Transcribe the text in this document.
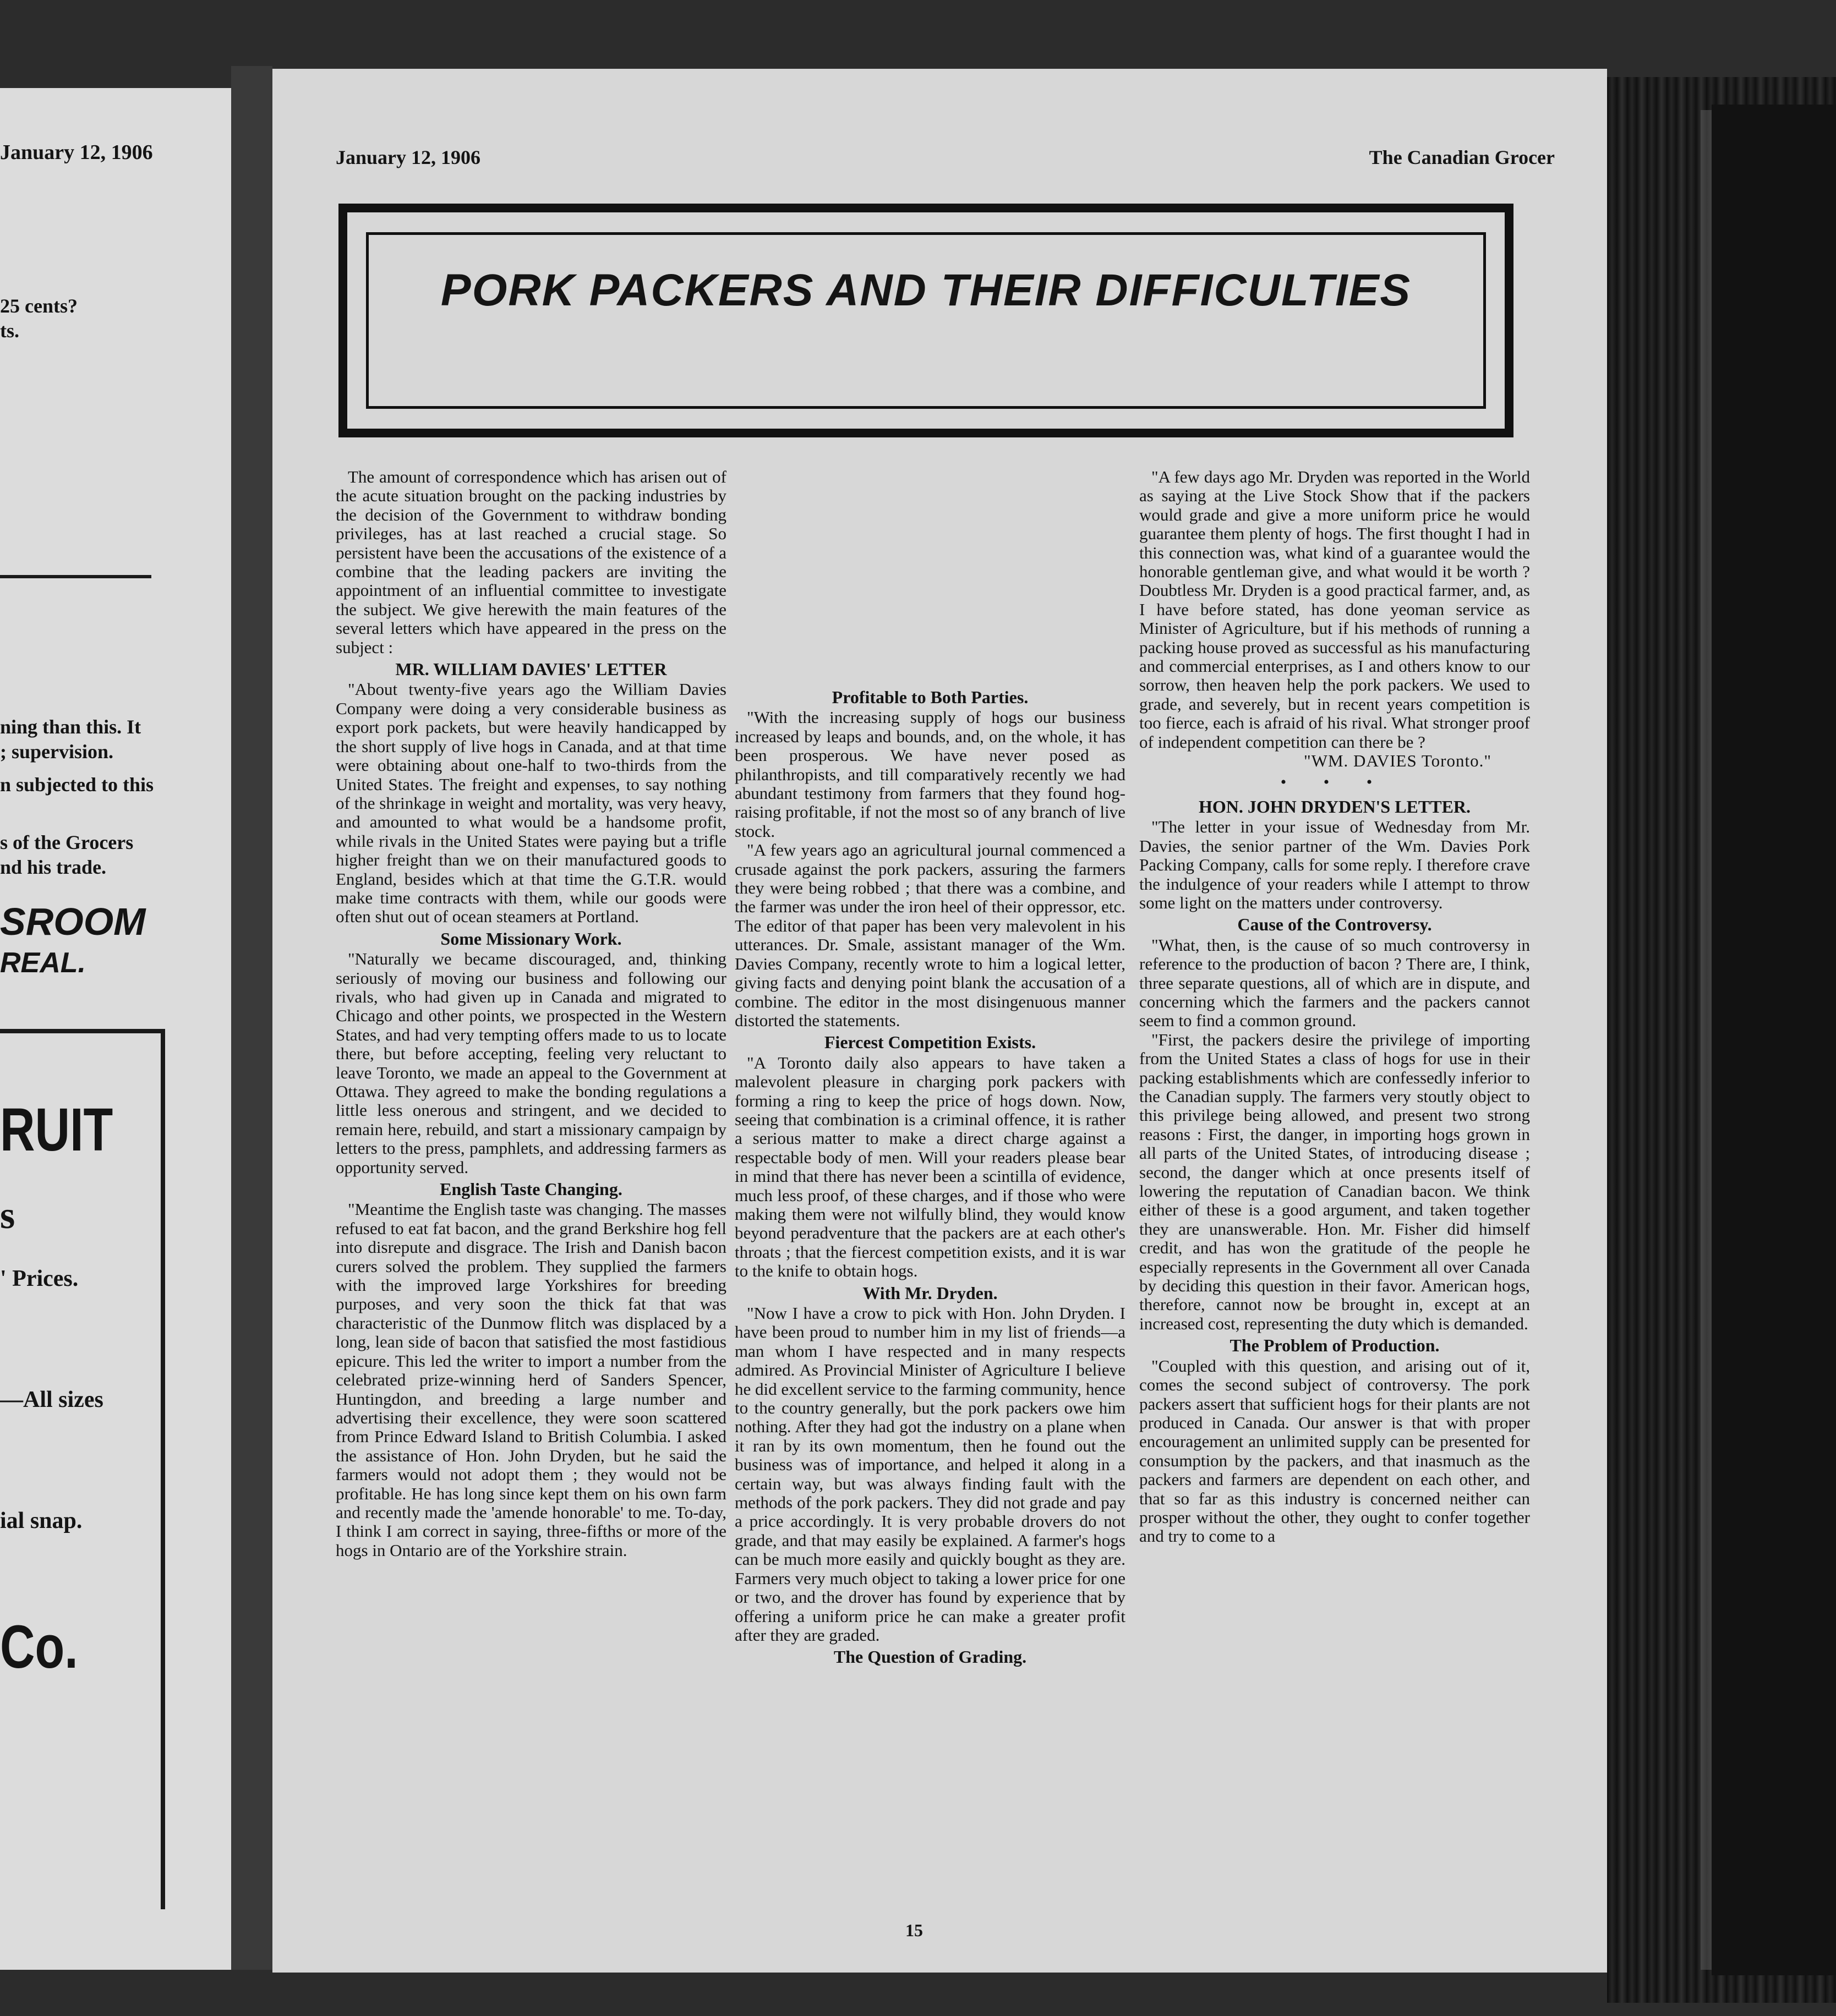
January 12, 1906
25 cents?
ts.
ning than this. It
; supervision.
n subjected to this
s of the Grocers
nd his trade.
SROOM
REAL.
RUIT
s
' Prices.
—All sizes
ial snap.
Co.
January 12, 1906	The Canadian Grocer
PORK PACKERS AND THEIR DIFFICULTIES

The amount of correspondence which has arisen out of the acute situation brought on the packing industries by the decision of the Government to withdraw bonding privileges, has at last reached a crucial stage. So persistent have been the accusations of the existence of a combine that the leading packers are inviting the appointment of an influential committee to investigate the subject. We give herewith the main features of the several letters which have appeared in the press on the subject :

MR. WILLIAM DAVIES' LETTER

"About twenty-five years ago the William Davies Company were doing a very considerable business as export pork packets, but were heavily handicapped by the short supply of live hogs in Canada, and at that time were obtaining about one-half to two-thirds from the United States. The freight and expenses, to say nothing of the shrinkage in weight and mortality, was very heavy, and amounted to what would be a handsome profit, while rivals in the United States were paying but a trifle higher freight than we on their manufactured goods to England, besides which at that time the G.T.R. would make time contracts with them, while our goods were often shut out of ocean steamers at Portland.

Some Missionary Work.

"Naturally we became discouraged, and, thinking seriously of moving our business and following our rivals, who had given up in Canada and migrated to Chicago and other points, we prospected in the Western States, and had very tempting offers made to us to locate there, but before accepting, feeling very reluctant to leave Toronto, we made an appeal to the Government at Ottawa. They agreed to make the bonding regulations a little less onerous and stringent, and we decided to remain here, rebuild, and start a missionary campaign by letters to the press, pamphlets, and addressing farmers as opportunity served.

English Taste Changing.

"Meantime the English taste was changing. The masses refused to eat fat bacon, and the grand Berkshire hog fell into disrepute and disgrace. The Irish and Danish bacon curers solved the problem. They supplied the farmers with the improved large Yorkshires for breeding purposes, and very soon the thick fat that was characteristic of the Dunmow flitch was displaced by a long, lean side of bacon that satisfied the most fastidious epicure. This led the writer to import a number from the celebrated prize-winning herd of Sanders Spencer, Huntingdon, and breeding a large number and advertising their excellence, they were soon scattered from Prince Edward Island to British Columbia. I asked the assistance of Hon. John Dryden, but he said the farmers would not adopt them ; they would not be profitable. He has long since kept them on his own farm and recently made the 'amende honorable' to me. To-day, I think I am correct in saying, three-fifths or more of the hogs in Ontario are of the Yorkshire strain.

Profitable to Both Parties.

"With the increasing supply of hogs our business increased by leaps and bounds, and, on the whole, it has been prosperous. We have never posed as philanthropists, and till comparatively recently we had abundant testimony from farmers that they found hog-raising profitable, if not the most so of any branch of live stock.

"A few years ago an agricultural journal commenced a crusade against the pork packers, assuring the farmers they were being robbed ; that there was a combine, and the farmer was under the iron heel of their oppressor, etc. The editor of that paper has been very malevolent in his utterances. Dr. Smale, assistant manager of the Wm. Davies Company, recently wrote to him a logical letter, giving facts and denying point blank the accusation of a combine. The editor in the most disingenuous manner distorted the statements.

Fiercest Competition Exists.

"A Toronto daily also appears to have taken a malevolent pleasure in charging pork packers with forming a ring to keep the price of hogs down. Now, seeing that combination is a criminal offence, it is rather a serious matter to make a direct charge against a respectable body of men. Will your readers please bear in mind that there has never been a scintilla of evidence, much less proof, of these charges, and if those who were making them were not wilfully blind, they would know beyond peradventure that the packers are at each other's throats ; that the fiercest competition exists, and it is war to the knife to obtain hogs.

With Mr. Dryden.

"Now I have a crow to pick with Hon. John Dryden. I have been proud to number him in my list of friends—a man whom I have respected and in many respects admired. As Provincial Minister of Agriculture I believe he did excellent service to the farming community, hence to the country generally, but the pork packers owe him nothing. After they had got the industry on a plane when it ran by its own momentum, then he found out the business was of importance, and helped it along in a certain way, but was always finding fault with the methods of the pork packers. They did not grade and pay a price accordingly. It is very probable drovers do not grade, and that may easily be explained. A farmer's hogs can be much more easily and quickly bought as they are. Farmers very much object to taking a lower price for one or two, and the drover has found by experience that by offering a uniform price he can make a greater profit after they are graded.

The Question of Grading.

"A few days ago Mr. Dryden was reported in the World as saying at the Live Stock Show that if the packers would grade and give a more uniform price he would guarantee them plenty of hogs. The first thought I had in this connection was, what kind of a guarantee would the honorable gentleman give, and what would it be worth ? Doubtless Mr. Dryden is a good practical farmer, and, as I have before stated, has done yeoman service as Minister of Agriculture, but if his methods of running a packing house proved as successful as his manufacturing and commercial enterprises, as I and others know to our sorrow, then heaven help the pork packers. We used to grade, and severely, but in recent years competition is too fierce, each is afraid of his rival. What stronger proof of independent competition can there be ?

"WM. DAVIES Toronto."

• • •
HON. JOHN DRYDEN'S LETTER.

"The letter in your issue of Wednesday from Mr. Davies, the senior partner of the Wm. Davies Pork Packing Company, calls for some reply. I therefore crave the indulgence of your readers while I attempt to throw some light on the matters under controversy.

Cause of the Controversy.

"What, then, is the cause of so much controversy in reference to the production of bacon ? There are, I think, three separate questions, all of which are in dispute, and concerning which the farmers and the packers cannot seem to find a common ground.

"First, the packers desire the privilege of importing from the United States a class of hogs for use in their packing establishments which are confessedly inferior to the Canadian supply. The farmers very stoutly object to this privilege being allowed, and present two strong reasons : First, the danger, in importing hogs grown in all parts of the United States, of introducing disease ; second, the danger which at once presents itself of lowering the reputation of Canadian bacon. We think either of these is a good argument, and taken together they are unanswerable. Hon. Mr. Fisher did himself credit, and has won the gratitude of the people he especially represents in the Government all over Canada by deciding this question in their favor. American hogs, therefore, cannot now be brought in, except at an increased cost, representing the duty which is demanded.

The Problem of Production.

"Coupled with this question, and arising out of it, comes the second subject of controversy. The pork packers assert that sufficient hogs for their plants are not produced in Canada. Our answer is that with proper encouragement an unlimited supply can be presented for consumption by the packers, and that inasmuch as the packers and farmers are dependent on each other, and that so far as this industry is concerned neither can prosper without the other, they ought to confer together and try to come to a

15
